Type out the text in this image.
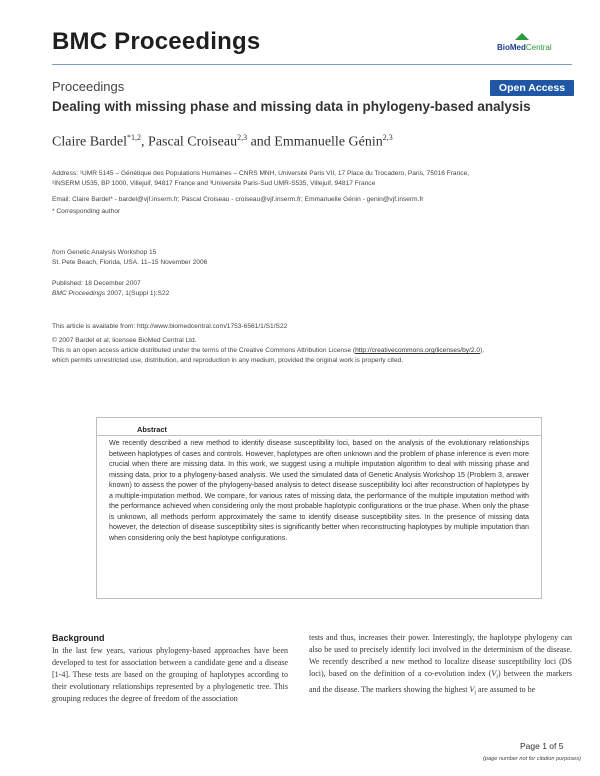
BMC Proceedings	BioMedCentral
Proceedings	Open Access
Dealing with missing phase and missing data in phylogeny-based analysis
Claire Bardel$^{*1,2}$, Pascal Croiseau$^{2,3}$ and Emmanuelle Génin$^{2,3}$
Address: ¹UMR 5145 – Génétique des Populations Humaines – CNRS MNH, Université Paris VII, 17 Place du Trocadero, Paris, 75016 France,
²INSERM U535, BP 1000, Villejuif, 94817 France and ³Universite Paris-Sud UMR-S535, Villejuif, 94817 France
Email: Claire Bardel* - bardel@vjf.inserm.fr; Pascal Croiseau - croiseau@vjf.inserm.fr; Emmanuelle Génin - genin@vjf.inserm.fr
* Corresponding author
from Genetic Analysis Workshop 15
St. Pete Beach, Florida, USA. 11–15 November 2006
Published: 18 December 2007
BMC Proceedings 2007, 1(Suppl 1):S22
This article is available from: http://www.biomedcentral.com/1753-6561/1/S1/S22
© 2007 Bardel et al; licensee BioMed Central Ltd.
This is an open access article distributed under the terms of the Creative Commons Attribution License (http://creativecommons.org/licenses/by/2.0),
which permits unrestricted use, distribution, and reproduction in any medium, provided the original work is properly cited.
Abstract
We recently described a new method to identify disease susceptibility loci, based on the analysis of the evolutionary relationships between haplotypes of cases and controls. However, haplotypes are often unknown and the problem of phase inference is even more crucial when there are missing data. In this work, we suggest using a multiple imputation algorithm to deal with missing phase and missing data, prior to a phylogeny-based analysis. We used the simulated data of Genetic Analysis Workshop 15 (Problem 3, answer known) to assess the power of the phylogeny-based analysis to detect disease susceptibility loci after reconstruction of haplotypes by a multiple-imputation method. We compare, for various rates of missing data, the performance of the multiple imputation method with the performance achieved when considering only the most probable haplotypic configurations or the true phase. When only the phase is unknown, all methods perform approximately the same to identify disease susceptibility sites. In the presence of missing data however, the detection of disease susceptibility sites is significantly better when reconstructing haplotypes by multiple imputation than when considering only the best haplotype configurations.
Background
In the last few years, various phylogeny-based approaches have been developed to test for association between a candidate gene and a disease [1-4]. These tests are based on the grouping of haplotypes according to their evolutionary relationships represented by a phylogenetic tree. This grouping reduces the degree of freedom of the association
tests and thus, increases their power. Interestingly, the haplotype phylogeny can also be used to precisely identify loci involved in the determinism of the disease. We recently described a new method to localize disease susceptibility loci (DS loci), based on the definition of a co-evolution index $(V_i)$ between the markers and the disease. The markers showing the highest $V_i$ are assumed to be
Page 1 of 5
(page number not for citation purposes)
